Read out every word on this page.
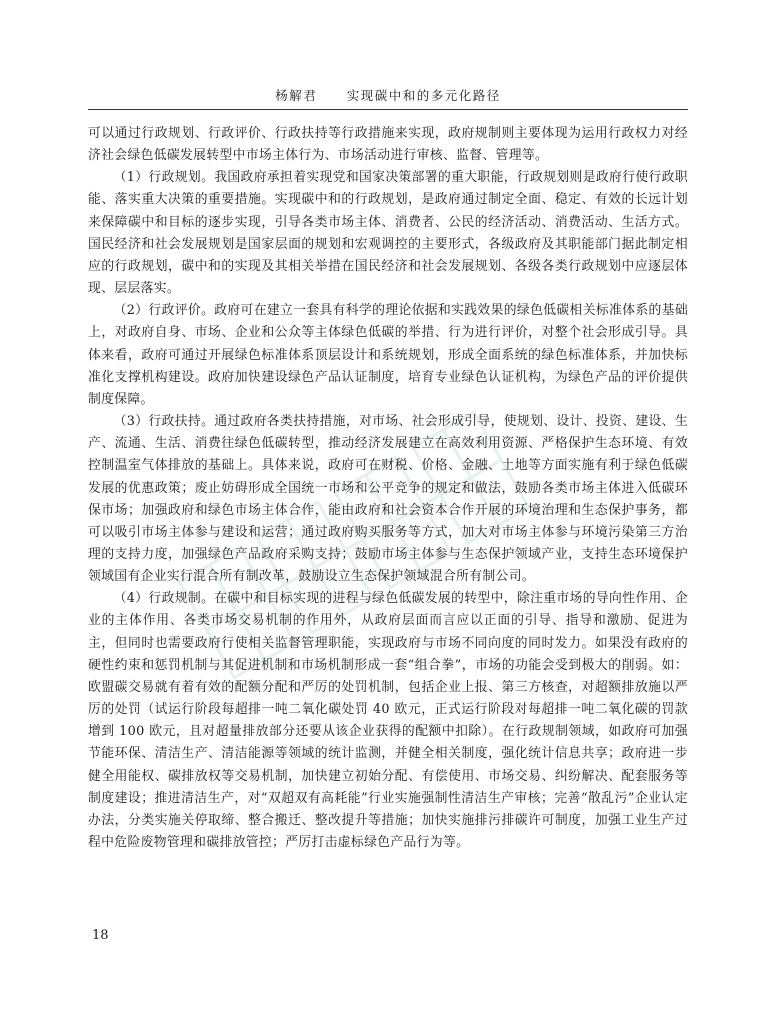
杨解君 实现碳中和的多元化路径

可以通过行政规划、行政评价、行政扶持等行政措施来实现，政府规制则主要体现为运用行政权力对经济社会绿色低碳发展转型中市场主体行为、市场活动进行审核、监督、管理等。

（1）行政规划。我国政府承担着实现党和国家决策部署的重大职能，行政规划则是政府行使行政职能、落实重大决策的重要措施。实现碳中和的行政规划，是政府通过制定全面、稳定、有效的长远计划来保障碳中和目标的逐步实现，引导各类市场主体、消费者、公民的经济活动、消费活动、生活方式。国民经济和社会发展规划是国家层面的规划和宏观调控的主要形式，各级政府及其职能部门据此制定相应的行政规划，碳中和的实现及其相关举措在国民经济和社会发展规划、各级各类行政规划中应逐层体现、层层落实。

（2）行政评价。政府可在建立一套具有科学的理论依据和实践效果的绿色低碳相关标准体系的基础上，对政府自身、市场、企业和公众等主体绿色低碳的举措、行为进行评价，对整个社会形成引导。具体来看，政府可通过开展绿色标准体系顶层设计和系统规划，形成全面系统的绿色标准体系，并加快标准化支撑机构建设。政府加快建设绿色产品认证制度，培育专业绿色认证机构，为绿色产品的评价提供制度保障。

（3）行政扶持。通过政府各类扶持措施，对市场、社会形成引导，使规划、设计、投资、建设、生产、流通、生活、消费往绿色低碳转型，推动经济发展建立在高效利用资源、严格保护生态环境、有效控制温室气体排放的基础上。具体来说，政府可在财税、价格、金融、土地等方面实施有利于绿色低碳发展的优惠政策；废止妨碍形成全国统一市场和公平竞争的规定和做法，鼓励各类市场主体进入低碳环保市场；加强政府和绿色市场主体合作，能由政府和社会资本合作开展的环境治理和生态保护事务，都可以吸引市场主体参与建设和运营；通过政府购买服务等方式，加大对市场主体参与环境污染第三方治理的支持力度，加强绿色产品政府采购支持；鼓励市场主体参与生态保护领域产业，支持生态环境保护领域国有企业实行混合所有制改革，鼓励设立生态保护领域混合所有制公司。

（4）行政规制。在碳中和目标实现的进程与绿色低碳发展的转型中，除注重市场的导向性作用、企业的主体作用、各类市场交易机制的作用外，从政府层面而言应以正面的引导、指导和激励、促进为主，但同时也需要政府行使相关监督管理职能，实现政府与市场不同向度的同时发力。如果没有政府的硬性约束和惩罚机制与其促进机制和市场机制形成一套“组合拳”，市场的功能会受到极大的削弱。如：欧盟碳交易就有着有效的配额分配和严厉的处罚机制，包括企业上报、第三方核查，对超额排放施以严厉的处罚（试运行阶段每超排一吨二氧化碳处罚 40 欧元，正式运行阶段对每超排一吨二氧化碳的罚款增到 100 欧元，且对超量排放部分还要从该企业获得的配额中扣除）。在行政规制领域，如政府可加强节能环保、清洁生产、清洁能源等领域的统计监测，并健全相关制度，强化统计信息共享；政府进一步健全用能权、碳排放权等交易机制，加快建立初始分配、有偿使用、市场交易、纠纷解决、配套服务等制度建设；推进清洁生产，对“双超双有高耗能”行业实施强制性清洁生产审核；完善“散乱污”企业认定办法，分类实施关停取缔、整合搬迁、整改提升等措施；加快实施排污排碳许可制度，加强工业生产过程中危险废物管理和碳排放管控；严厉打击虚标绿色产品行为等。

18
